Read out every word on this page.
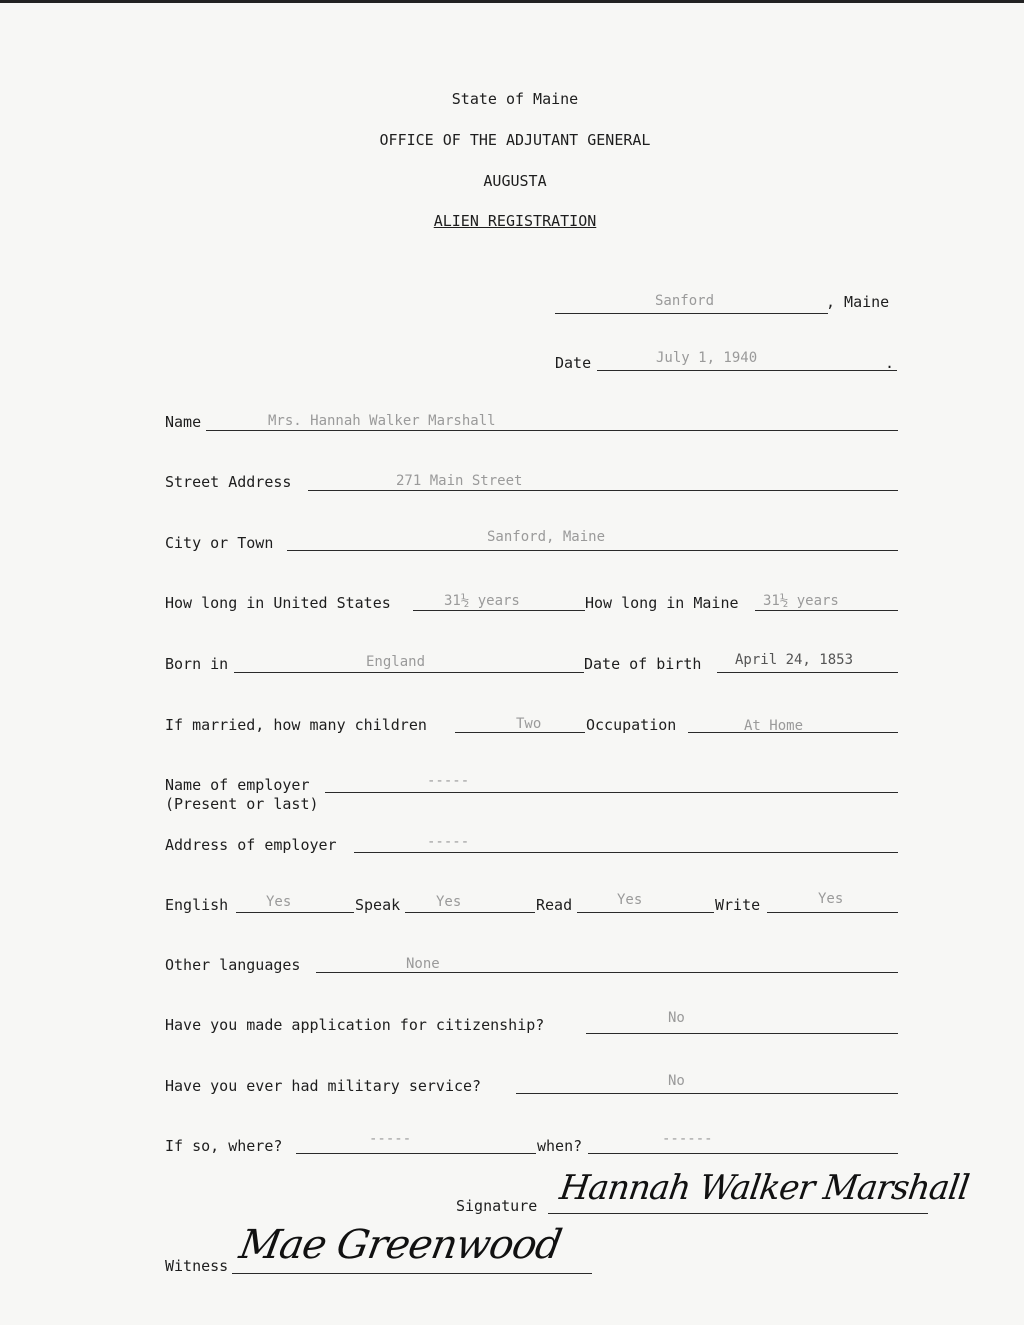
State of Maine
OFFICE OF THE ADJUTANT GENERAL
AUGUSTA
ALIEN REGISTRATION
Sanford	, Maine
Date	July 1, 1940	.
Name	Mrs. Hannah Walker Marshall
Street Address	271 Main Street
City or Town	Sanford, Maine
How long in United States	31½ years	How long in Maine 31½ years
Born in	England	Date of birth April 24, 1853
If married, how many children	Two	Occupation	At Home
Name of employer	-----
(Present or last)
Address of employer	-----
English	Yes	Speak	Yes	Read	Yes	Write	Yes
Other languages	None
Have you made application for citizenship?	No
Have you ever had military service?	No
If so, where?	-----	when?	------
Signature Hannah Walker Marshall
Witness Mae Greenwood
